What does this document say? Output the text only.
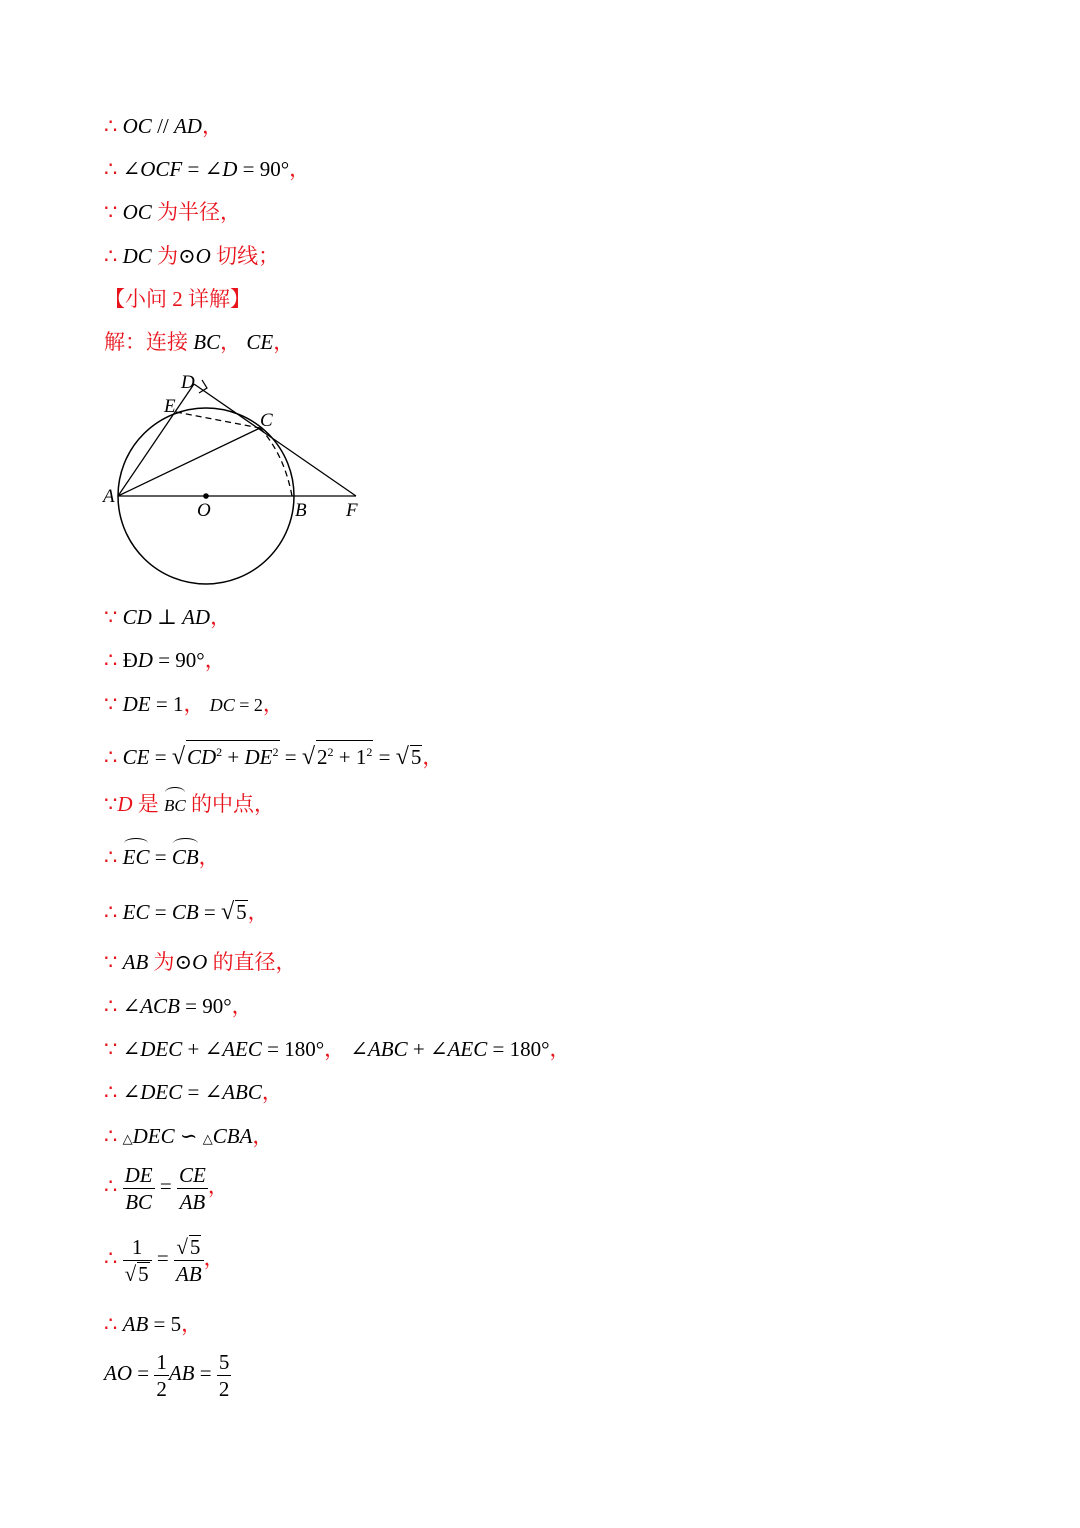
∴ OC // AD，
∴ ∠OCF = ∠D = 90°，
∵ OC 为半径，
∴ DC 为⊙O 切线；
【小问 2 详解】
解：连接 BC， CE，
D
E
C
A
O	B F
∵ CD ⊥ AD，
∴ ÐD = 90°，
∵ DE = 1， DC = 2，
∴ CE = $√CD^2 + DE^2 = √2^2 + 1^2 = √5$，
∵D 是 BC 的中点，
∴ EC = CB，
∴ EC = CB = √5，
∵ AB 为⊙O 的直径，
∴ ∠ACB = 90°，
∵ ∠DEC + ∠AEC = 180°， ∠ABC + ∠AEC = 180°，
∴ ∠DEC = ∠ABC，
∴ △DEC ∽ △CBA，
∴ $\frac{DE}{BC} = \frac{CE}{AB}$ ，
∴ $\frac{1}{√5} = \frac{√5}{AB}$ ，
∴ AB = 5，
AO = $\frac{1}{2}$ AB = $\frac{5}{2}$
